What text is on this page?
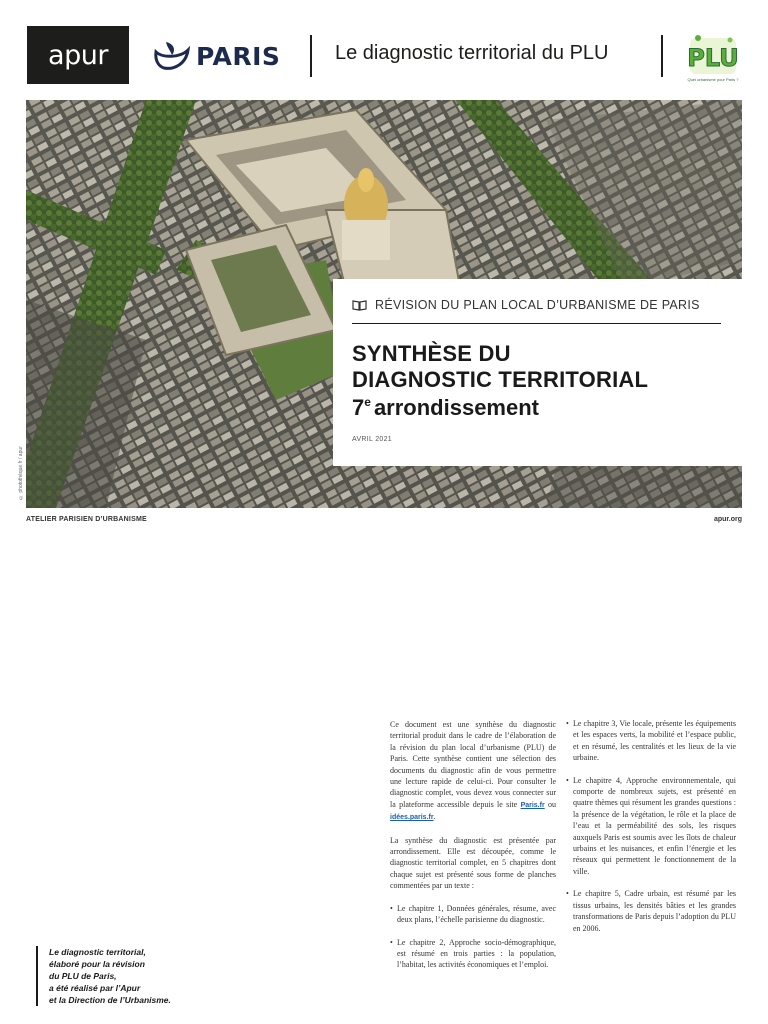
apur	PARIS	Le diagnostic territorial du PLU	PLU
Quel urbanisme pour Paris ?
© photothèque.fr / apur
RÉVISION DU PLAN LOCAL D’URBANISME DE PARIS
SYNTHÈSE DU
DIAGNOSTIC TERRITORIAL
7e arrondissement
AVRIL 2021
ATELIER PARISIEN D’URBANISME	apur.org

Ce document est une synthèse du diagnostic territorial produit dans le cadre de l’élaboration de la révision du plan local d’urbanisme (PLU) de Paris. Cette synthèse contient une sélection des documents du diagnostic afin de vous permettre une lecture rapide de celui-ci. Pour consulter le diagnostic complet, vous devez vous connecter sur la plateforme accessible depuis le site Paris.fr ou idées.paris.fr.

La synthèse du diagnostic est présentée par arrondissement. Elle est découpée, comme le diagnostic territorial complet, en 5 chapitres dont chaque sujet est présenté sous forme de planches commentées par un texte :

• Le chapitre 1, Données générales, résume, avec deux plans, l’échelle parisienne du diagnostic.
• Le chapitre 2, Approche socio-démographique, est résumé en trois parties : la population, l’habitat, les activités économiques et l’emploi.
• Le chapitre 3, Vie locale, présente les équipements et les espaces verts, la mobilité et l’espace public, et en résumé, les centralités et les lieux de la vie urbaine.
• Le chapitre 4, Approche environnementale, qui comporte de nombreux sujets, est présenté en quatre thèmes qui résument les grandes questions : la présence de la végétation, le rôle et la place de l’eau et la perméabilité des sols, les risques auxquels Paris est soumis avec les îlots de chaleur urbains et les nuisances, et enfin l’énergie et les réseaux qui permettent le fonctionnement de la ville.
• Le chapitre 5, Cadre urbain, est résumé par les tissus urbains, les densités bâties et les grandes transformations de Paris depuis l’adoption du PLU en 2006.
Le diagnostic territorial,
élaboré pour la révision
du PLU de Paris,
a été réalisé par l’Apur
et la Direction de l’Urbanisme.
